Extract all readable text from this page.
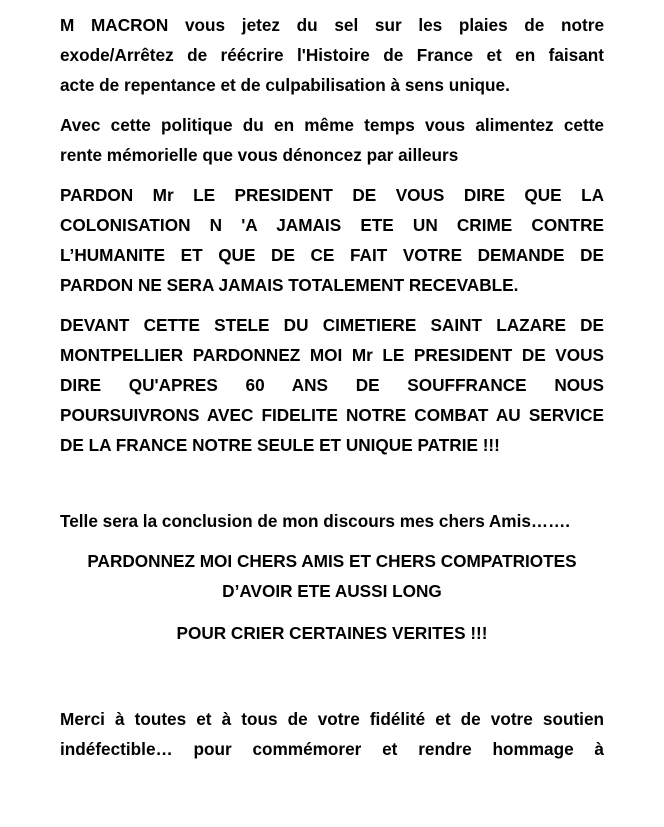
M MACRON vous jetez du sel sur les plaies de notre
exode/Arrêtez de réécrire l'Histoire de France et en faisant
acte de repentance et de culpabilisation à sens unique.

Avec cette politique du en même temps vous alimentez cette
rente mémorielle que vous dénoncez par ailleurs

PARDON Mr LE PRESIDENT DE VOUS DIRE QUE LA
COLONISATION N 'A JAMAIS ETE UN CRIME CONTRE
L’HUMANITE ET QUE DE CE FAIT VOTRE DEMANDE DE
PARDON NE SERA JAMAIS TOTALEMENT RECEVABLE.

DEVANT CETTE STELE DU CIMETIERE SAINT LAZARE DE
MONTPELLIER PARDONNEZ MOI Mr LE PRESIDENT DE VOUS
DIRE QU'APRES 60 ANS DE SOUFFRANCE NOUS
POURSUIVRONS AVEC FIDELITE NOTRE COMBAT AU SERVICE
DE LA FRANCE NOTRE SEULE ET UNIQUE PATRIE !!!

Telle sera la conclusion de mon discours mes chers Amis…….

PARDONNEZ MOI CHERS AMIS ET CHERS COMPATRIOTES
D’AVOIR ETE AUSSI LONG

POUR CRIER CERTAINES VERITES !!!

Merci à toutes et à tous de votre fidélité et de votre soutien
indéfectible… pour commémorer et rendre hommage à
